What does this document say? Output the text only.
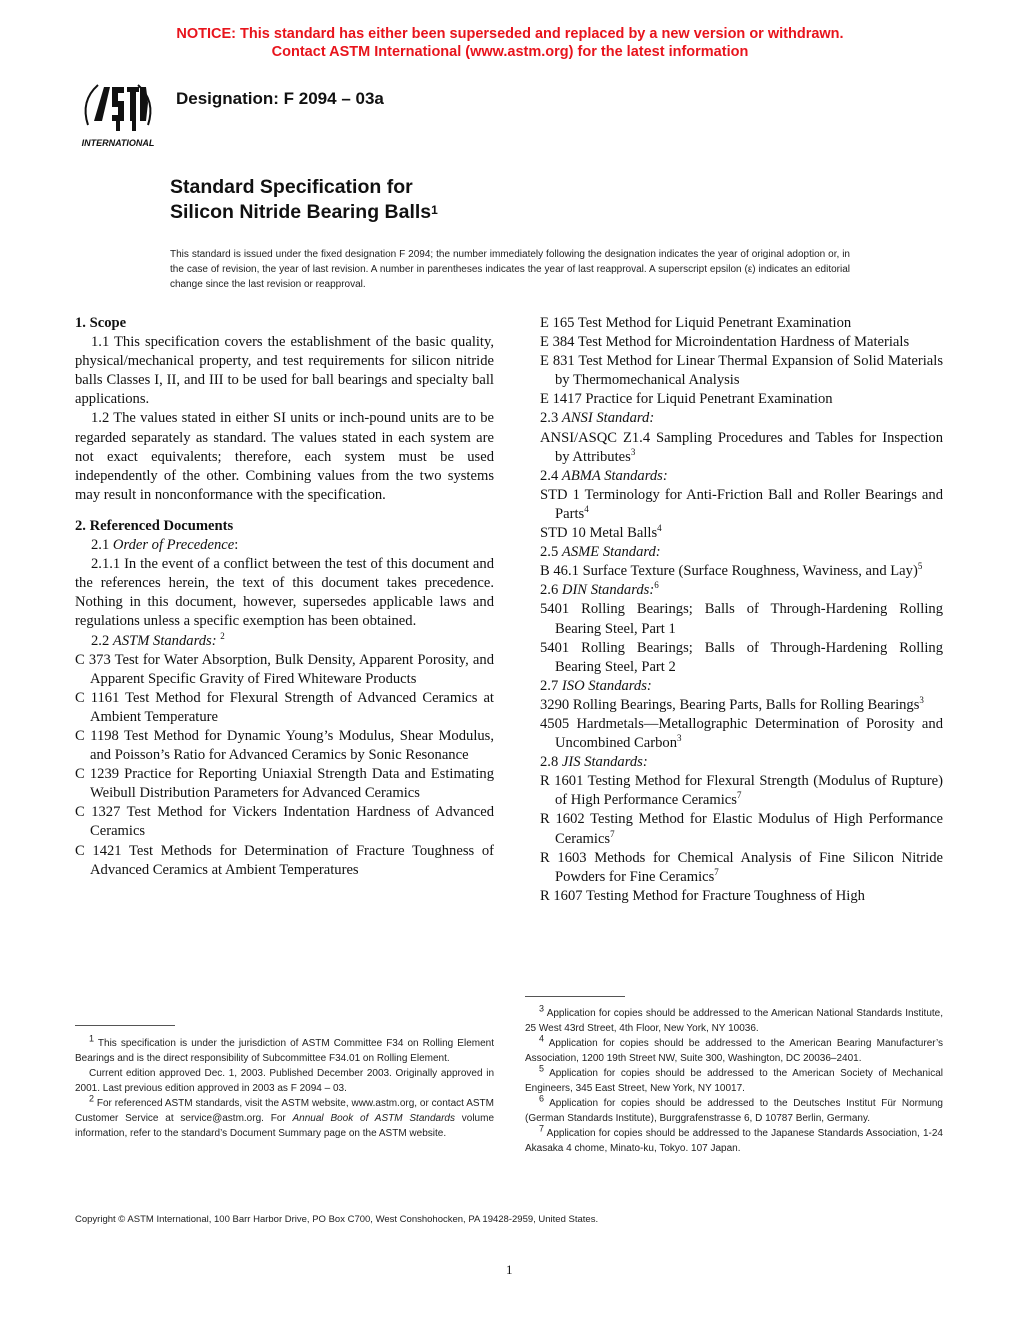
NOTICE: This standard has either been superseded and replaced by a new version or withdrawn.
Contact ASTM International (www.astm.org) for the latest information
INTERNATIONAL
Designation: F 2094 – 03a
Standard Specification for
Silicon Nitride Bearing Balls$^1$
This standard is issued under the fixed designation F 2094; the number immediately following the designation indicates the year of original adoption or, in the case of revision, the year of last revision. A number in parentheses indicates the year of last reapproval. A superscript epsilon (ε) indicates an editorial change since the last revision or reapproval.

1. Scope

1.1 This specification covers the establishment of the basic quality, physical/mechanical property, and test requirements for silicon nitride balls Classes I, II, and III to be used for ball bearings and specialty ball applications.

1.2 The values stated in either SI units or inch-pound units are to be regarded separately as standard. The values stated in each system are not exact equivalents; therefore, each system must be used independently of the other. Combining values from the two systems may result in nonconformance with the specification.

2. Referenced Documents

2.1 Order of Precedence:

2.1.1 In the event of a conflict between the test of this document and the references herein, the text of this document takes precedence. Nothing in this document, however, supersedes applicable laws and regulations unless a specific exemption has been obtained.

2.2 ASTM Standards: $^2$

C 373 Test for Water Absorption, Bulk Density, Apparent Porosity, and Apparent Specific Gravity of Fired Whiteware Products

C 1161 Test Method for Flexural Strength of Advanced Ceramics at Ambient Temperature

C 1198 Test Method for Dynamic Young’s Modulus, Shear Modulus, and Poisson’s Ratio for Advanced Ceramics by Sonic Resonance

C 1239 Practice for Reporting Uniaxial Strength Data and Estimating Weibull Distribution Parameters for Advanced Ceramics

C 1327 Test Method for Vickers Indentation Hardness of Advanced Ceramics

C 1421 Test Methods for Determination of Fracture Toughness of Advanced Ceramics at Ambient Temperatures

E 165 Test Method for Liquid Penetrant Examination

E 384 Test Method for Microindentation Hardness of Materials

E 831 Test Method for Linear Thermal Expansion of Solid Materials by Thermomechanical Analysis

E 1417 Practice for Liquid Penetrant Examination

2.3 ANSI Standard:

ANSI/ASQC Z1.4 Sampling Procedures and Tables for Inspection by Attributes$^3$

2.4 ABMA Standards:

STD 1 Terminology for Anti-Friction Ball and Roller Bearings and Parts$^4$

STD 10 Metal Balls$^4$

2.5 ASME Standard:

B 46.1 Surface Texture (Surface Roughness, Waviness, and Lay)$^5$

2.6 DIN Standards:$^6$

5401 Rolling Bearings; Balls of Through-Hardening Rolling Bearing Steel, Part 1

5401 Rolling Bearings; Balls of Through-Hardening Rolling Bearing Steel, Part 2

2.7 ISO Standards:

3290 Rolling Bearings, Bearing Parts, Balls for Rolling Bearings$^3$

4505 Hardmetals—Metallographic Determination of Porosity and Uncombined Carbon$^3$

2.8 JIS Standards:

R 1601 Testing Method for Flexural Strength (Modulus of Rupture) of High Performance Ceramics$^7$

R 1602 Testing Method for Elastic Modulus of High Performance Ceramics$^7$

R 1603 Methods for Chemical Analysis of Fine Silicon Nitride Powders for Fine Ceramics$^7$

R 1607 Testing Method for Fracture Toughness of High

$^1$ This specification is under the jurisdiction of ASTM Committee F34 on Rolling Element Bearings and is the direct responsibility of Subcommittee F34.01 on Rolling Element.

Current edition approved Dec. 1, 2003. Published December 2003. Originally approved in 2001. Last previous edition approved in 2003 as F 2094 – 03.

$^2$ For referenced ASTM standards, visit the ASTM website, www.astm.org, or contact ASTM Customer Service at service@astm.org. For Annual Book of ASTM Standards volume information, refer to the standard’s Document Summary page on the ASTM website.

$^3$ Application for copies should be addressed to the American National Standards Institute, 25 West 43rd Street, 4th Floor, New York, NY 10036.

$^4$ Application for copies should be addressed to the American Bearing Manufacturer’s Association, 1200 19th Street NW, Suite 300, Washington, DC 20036–2401.

$^5$ Application for copies should be addressed to the American Society of Mechanical Engineers, 345 East Street, New York, NY 10017.

$^6$ Application for copies should be addressed to the Deutsches Institut Für Normung (German Standards Institute), Burggrafenstrasse 6, D 10787 Berlin, Germany.

$^7$ Application for copies should be addressed to the Japanese Standards Association, 1-24 Akasaka 4 chome, Minato-ku, Tokyo. 107 Japan.

Copyright © ASTM International, 100 Barr Harbor Drive, PO Box C700, West Conshohocken, PA 19428-2959, United States.
1
